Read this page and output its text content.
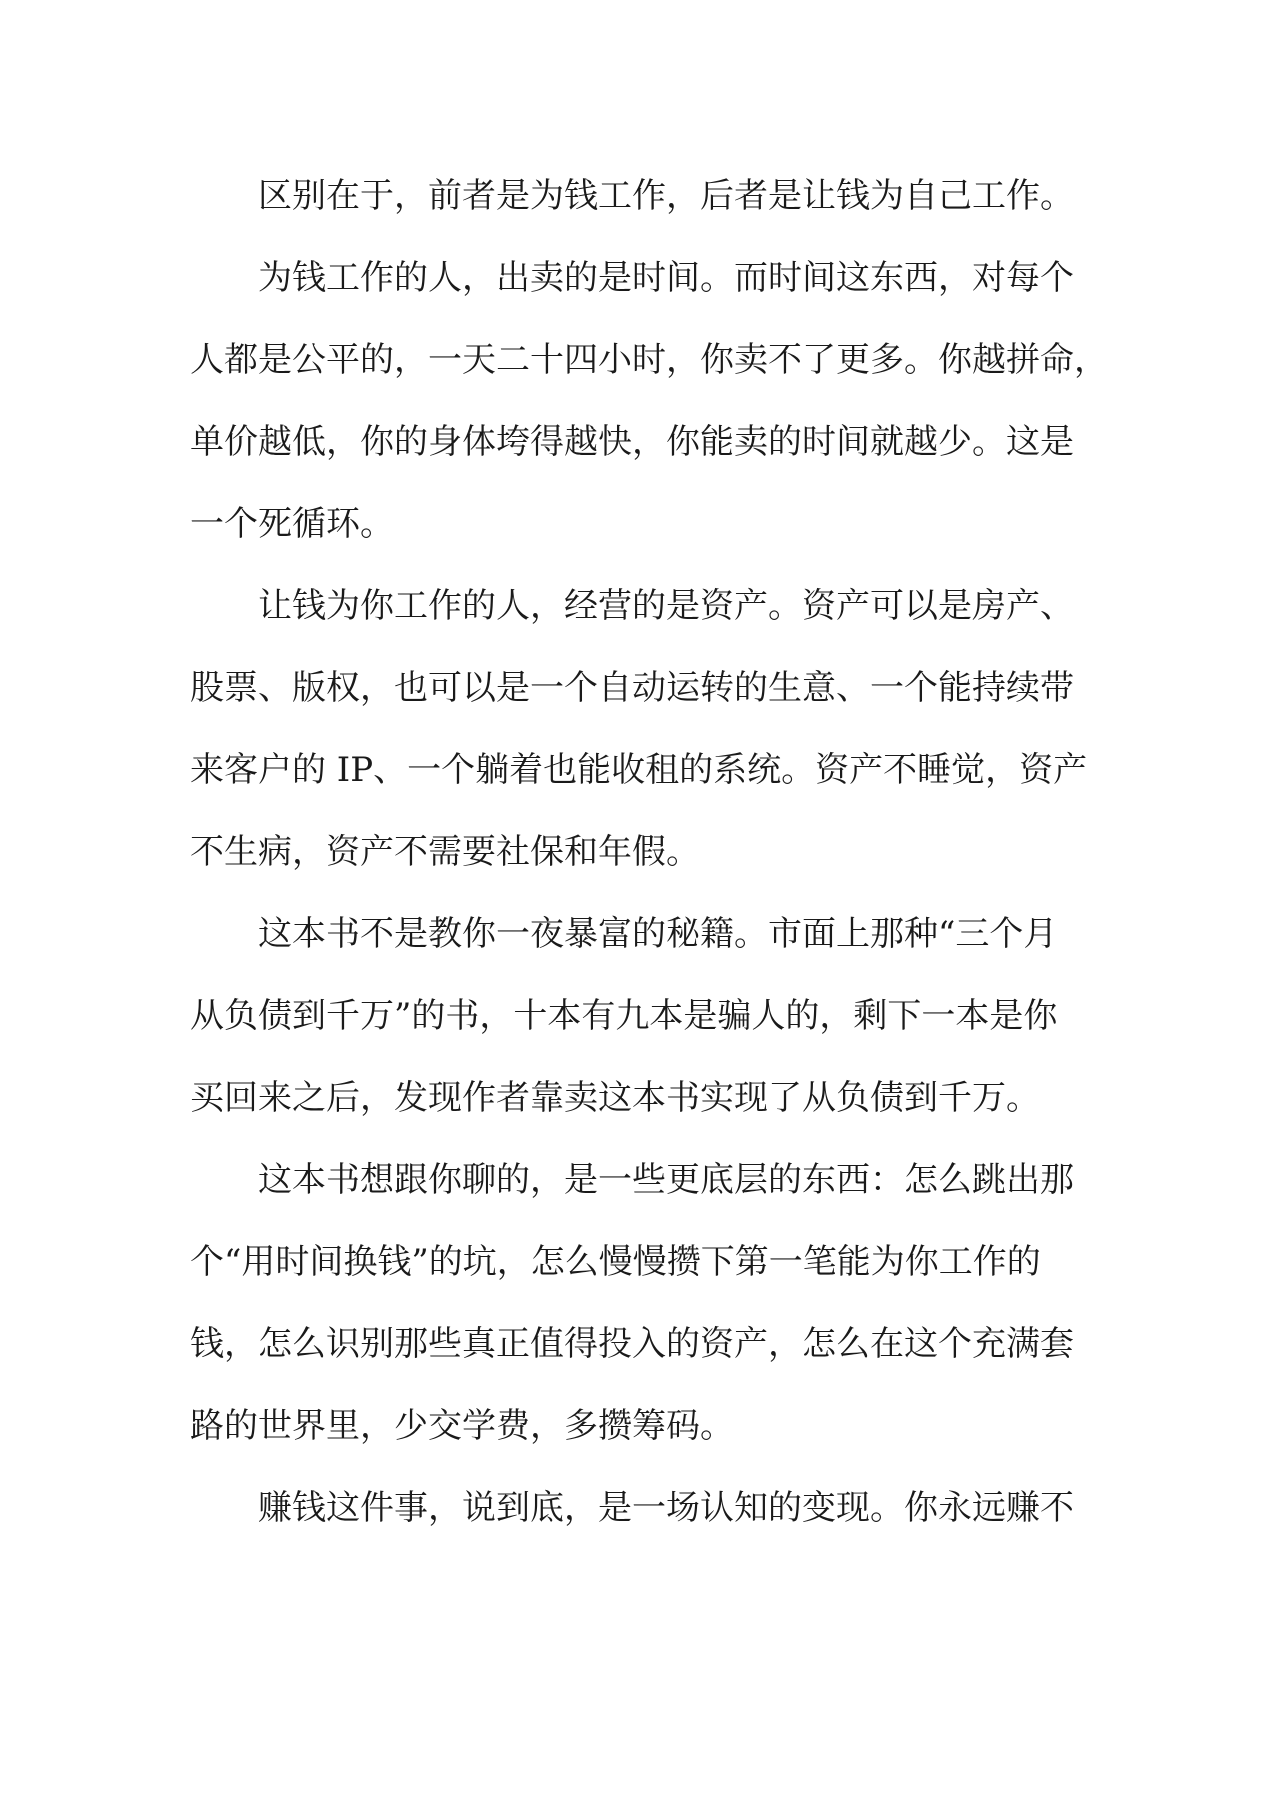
区别在于，前者是为钱工作，后者是让钱为自己工作。

为钱工作的人，出卖的是时间。而时间这东西，对每个

人都是公平的，一天二十四小时，你卖不了更多。你越拼命，

单价越低，你的身体垮得越快，你能卖的时间就越少。这是

一个死循环。

让钱为你工作的人，经营的是资产。资产可以是房产、

股票、版权，也可以是一个自动运转的生意、一个能持续带

来客户的 IP、一个躺着也能收租的系统。资产不睡觉，资产

不生病，资产不需要社保和年假。

这本书不是教你一夜暴富的秘籍。市面上那种“三个月

从负债到千万”的书，十本有九本是骗人的，剩下一本是你

买回来之后，发现作者靠卖这本书实现了从负债到千万。

这本书想跟你聊的，是一些更底层的东西：怎么跳出那

个“用时间换钱”的坑，怎么慢慢攒下第一笔能为你工作的

钱，怎么识别那些真正值得投入的资产，怎么在这个充满套

路的世界里，少交学费，多攒筹码。

赚钱这件事，说到底，是一场认知的变现。你永远赚不
